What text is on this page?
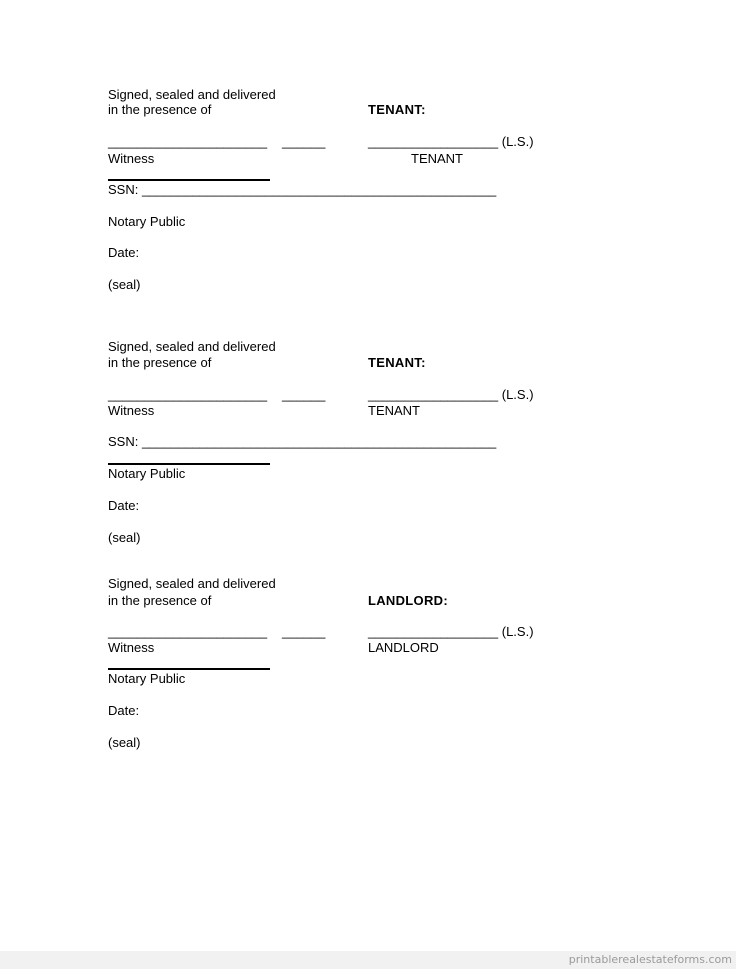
Signed, sealed and delivered
in the presence of	TENANT:
______________________ ______	__________________ (L.S.)
Witness	TENANT
SSN: _________________________________________________
Notary Public
Date:
(seal)
Signed, sealed and delivered
in the presence of	TENANT:
______________________ ______	__________________ (L.S.)
Witness	TENANT
SSN: _________________________________________________
Notary Public
Date:
(seal)
Signed, sealed and delivered
in the presence of	LANDLORD:
______________________ ______	__________________ (L.S.)
Witness	LANDLORD
Notary Public
Date:
(seal)
printablerealestateforms.com
